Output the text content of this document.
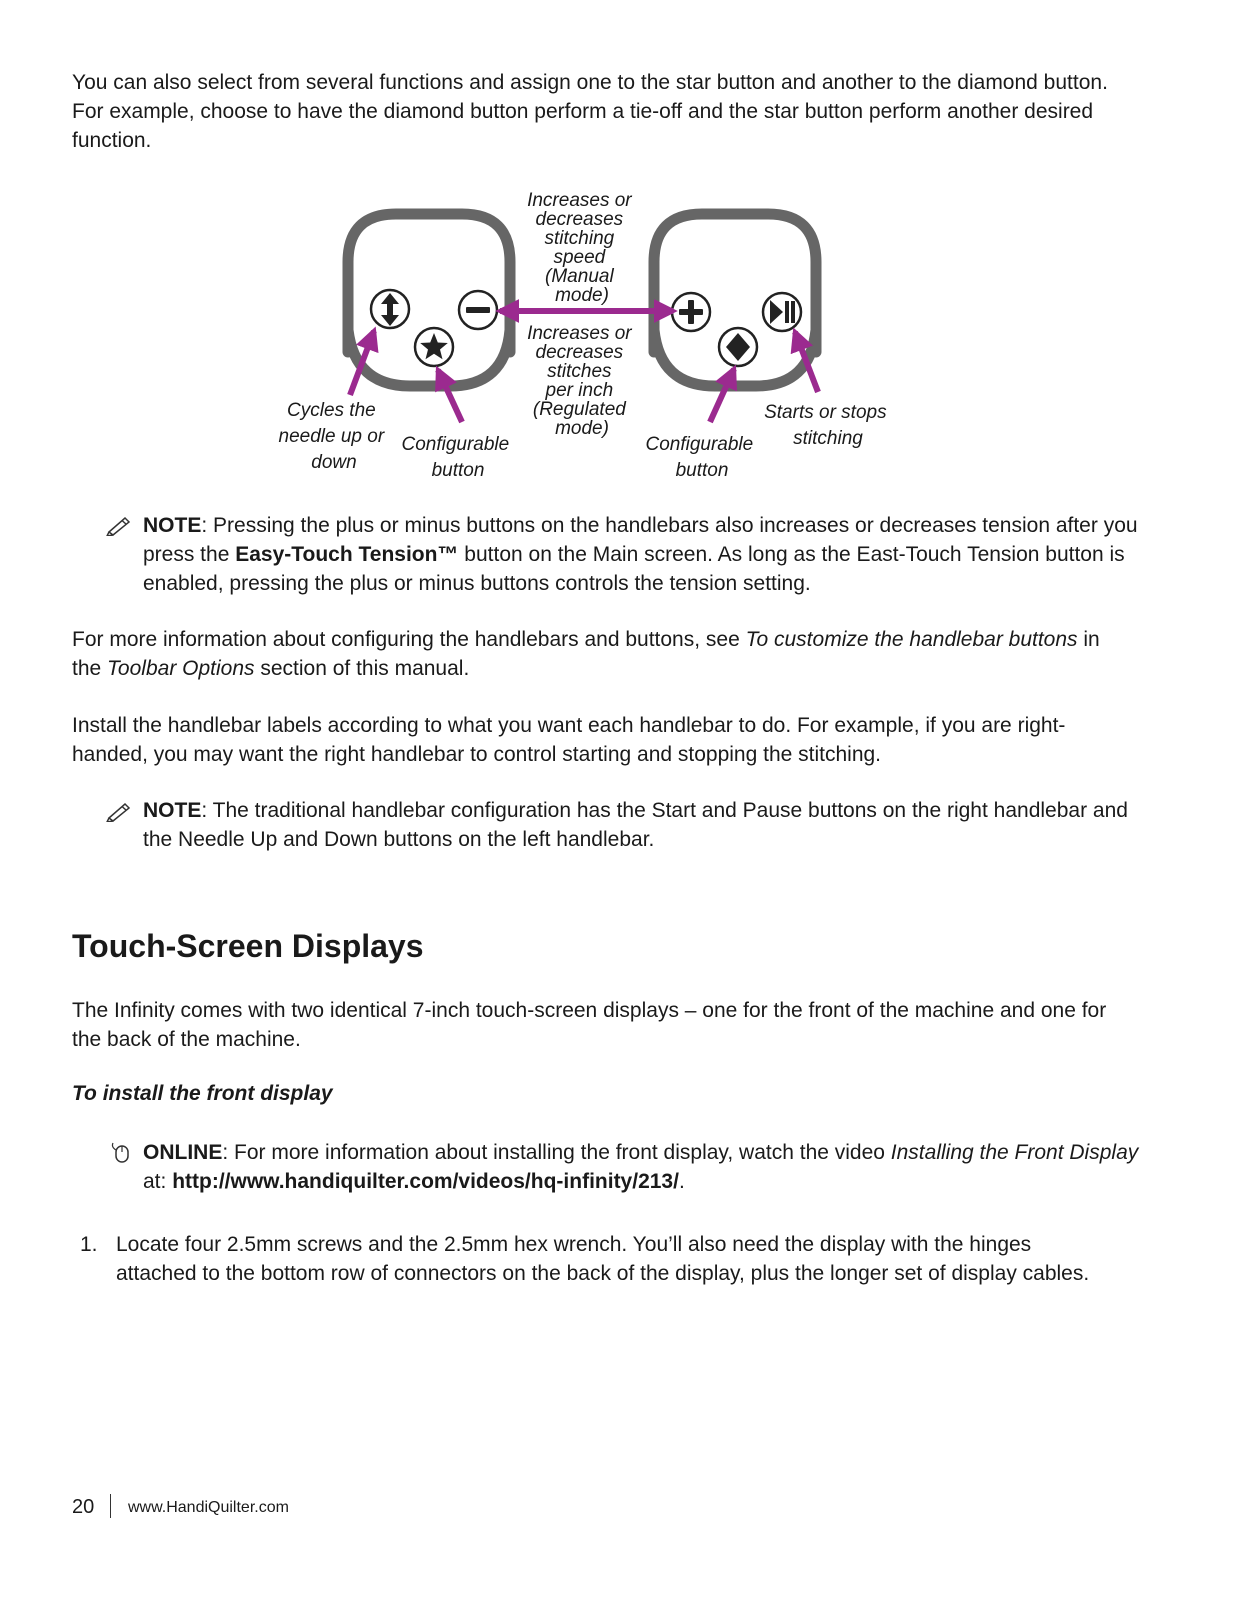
You can also select from several functions and assign one to the star button and another to the diamond button. For example, choose to have the diamond button perform a tie-off and the star button perform another desired function.

Increases or decreases stitching speed (Manual mode)
Increases or decreases stitches per inch (Regulated mode)
Cycles the needle up or down
Configurable button
Configurable button
Starts or stops stitching

NOTE: Pressing the plus or minus buttons on the handlebars also increases or decreases tension after you press the Easy-Touch Tension™ button on the Main screen. As long as the East-Touch Tension button is enabled, pressing the plus or minus buttons controls the tension setting.

For more information about configuring the handlebars and buttons, see To customize the handlebar buttons in the Toolbar Options section of this manual.

Install the handlebar labels according to what you want each handlebar to do. For example, if you are right-handed, you may want the right handlebar to control starting and stopping the stitching.

NOTE: The traditional handlebar configuration has the Start and Pause buttons on the right handlebar and the Needle Up and Down buttons on the left handlebar.

Touch-Screen Displays

The Infinity comes with two identical 7-inch touch-screen displays – one for the front of the machine and one for the back of the machine.

To install the front display

ONLINE: For more information about installing the front display, watch the video Installing the Front Display at: http://www.handiquilter.com/videos/hq-infinity/213/.

1. Locate four 2.5mm screws and the 2.5mm hex wrench. You’ll also need the display with the hinges attached to the bottom row of connectors on the back of the display, plus the longer set of display cables.
20 www.HandiQuilter.com
